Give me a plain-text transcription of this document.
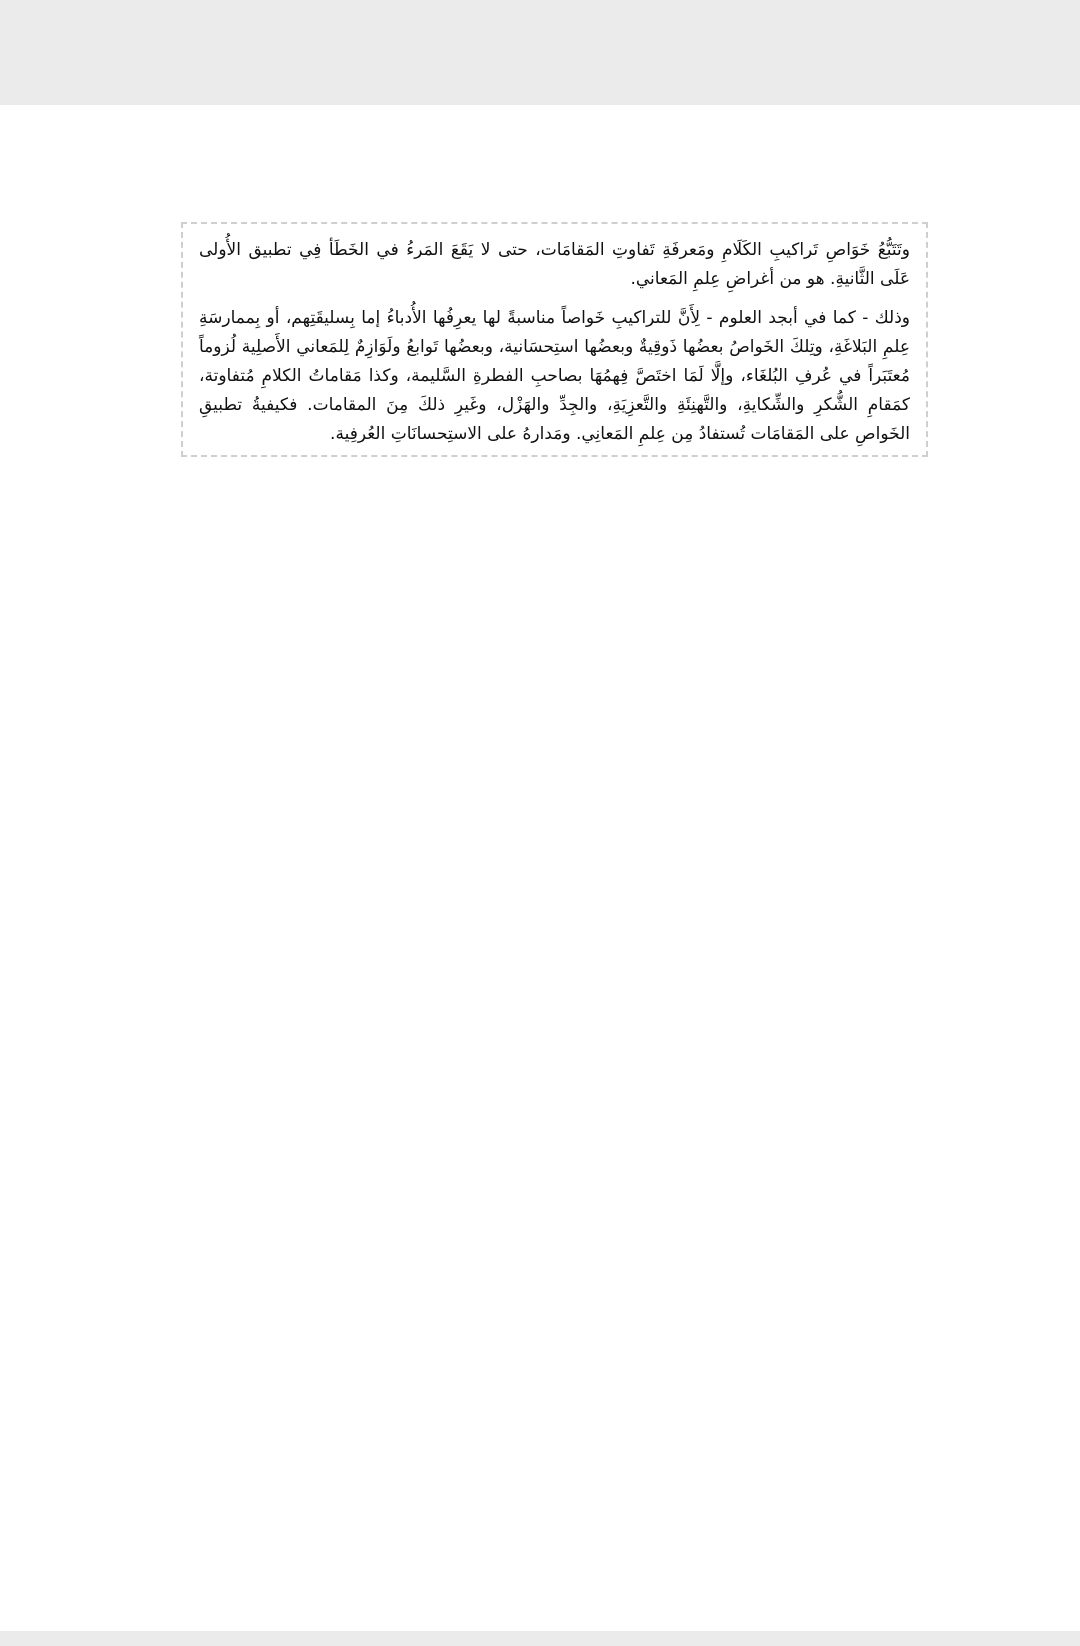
وتَتَبُّعُ خَوَاصِ تَراكيبِ الكَلَامِ ومَعرفَةِ تَفاوتِ المَقامَات، حتى لا يَقَعَ المَرءُ في الخَطَأ فِي تطبيق الأُولى عَلَى الثَّانيةِ. هو من أغراضِ عِلمِ المَعاني.

وذلك - كما في أبجد العلوم - لِأَنَّ للتراكيبِ خَواصاً مناسبةً لها يعرِفُها الأُدباءُ إما بِسليقَتِهم، أو بِممارسَةِ عِلمِ البَلاغَةِ، وتِلكَ الخَواصُ بعضُها ذَوقِيةٌ وبعضُها استِحسَانية، وبعضُها تَوابعُ ولَوَازِمٌ لِلمَعاني الأَصلِية لُزوماً مُعتَبَراً في عُرفِ البُلغَاء، وإلَّا لَمَا اختَصَّ فِهمُهَا بصاحبِ الفطرةِ السَّليمة، وكذا مَقاماتُ الكلامِ مُتفاوتة، كمَقامِ الشُّكرِ والشِّكايةِ، والتَّهنِئَةِ والتَّعزِيَةِ، والجِدِّ والهَزْل، وغَيرِ ذلكَ مِنَ المقامات. فكيفيةُ تطبيقِ الخَواصِ على المَقامَات تُستفادُ مِن عِلمِ المَعانِي. ومَدارهُ على الاستِحسانَاتِ العُرفِية.
